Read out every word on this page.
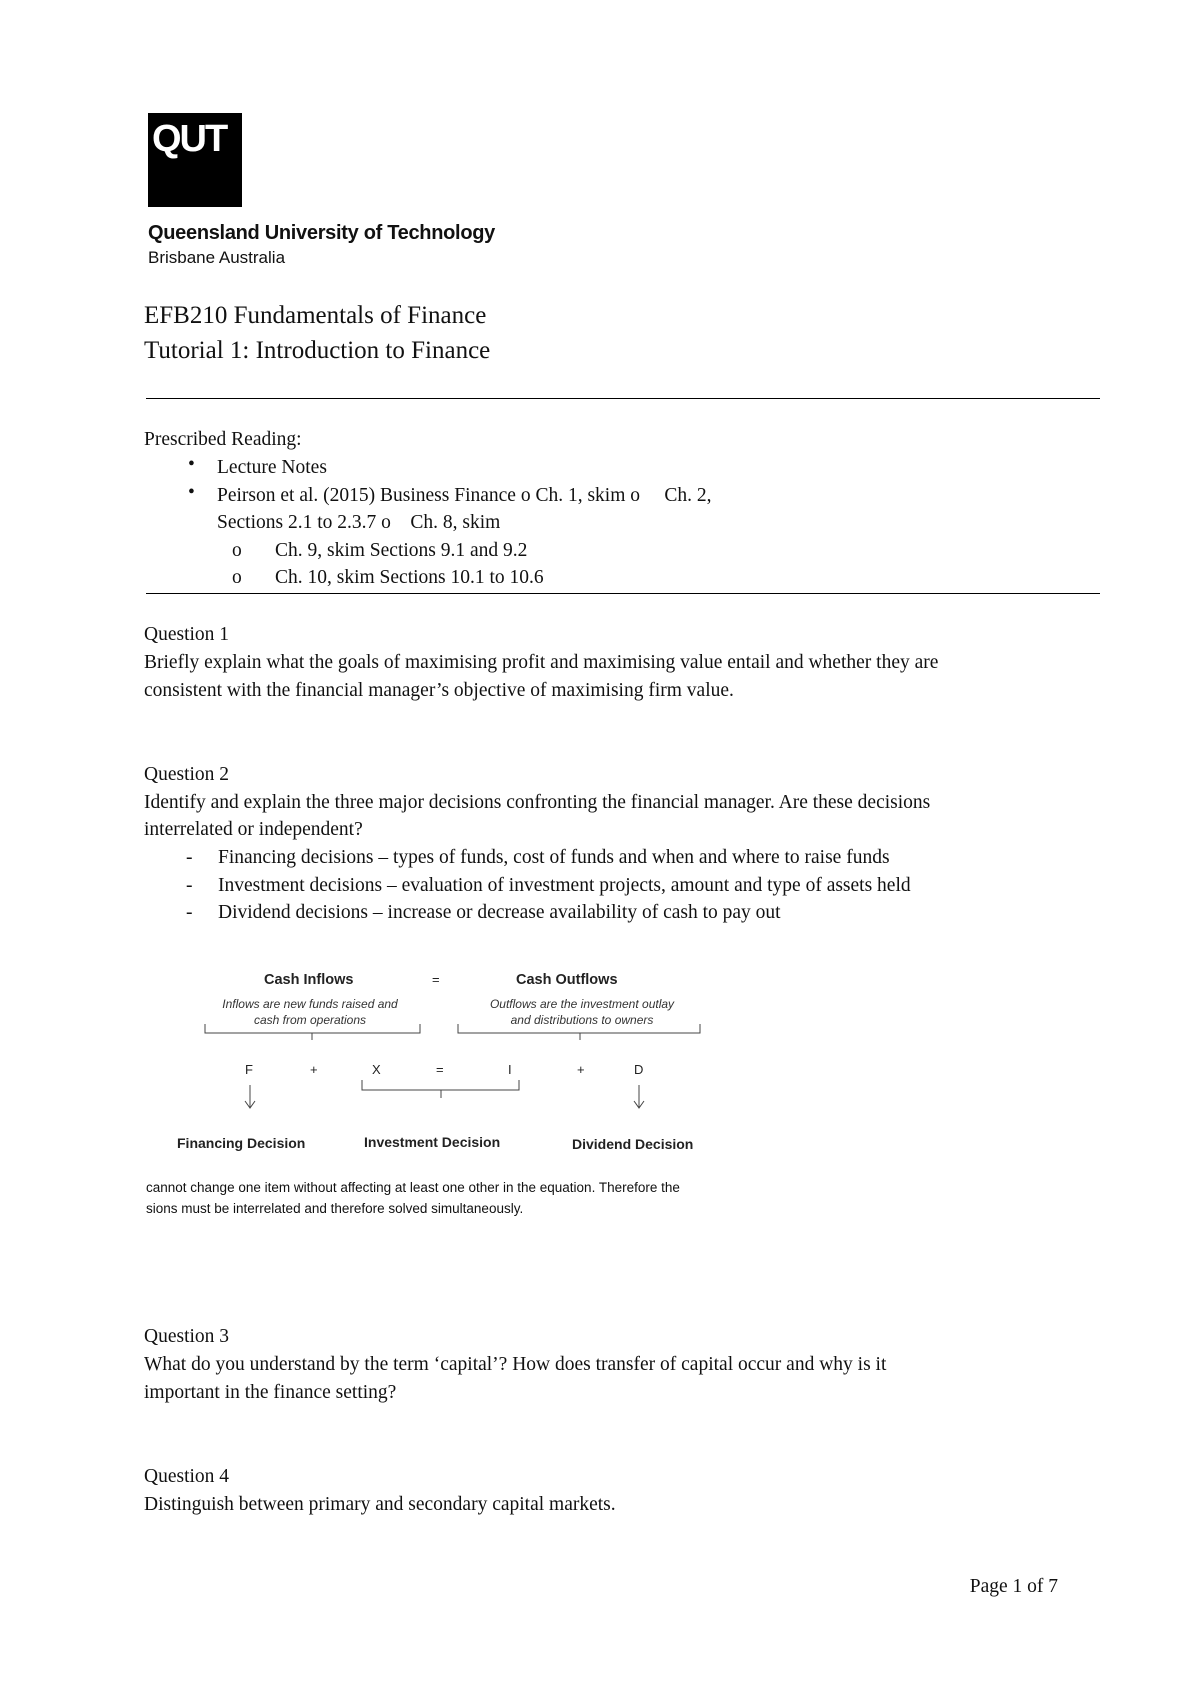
QUT
Queensland University of Technology
Brisbane Australia
EFB210 Fundamentals of Finance
Tutorial 1: Introduction to Finance
Prescribed Reading:
• Lecture Notes
• Peirson et al. (2015) Business Finance o Ch. 1, skim o     Ch. 2,
Sections 2.1 to 2.3.7 o    Ch. 8, skim
o Ch. 9, skim Sections 9.1 and 9.2
o Ch. 10, skim Sections 10.1 to 10.6
Question 1
Briefly explain what the goals of maximising profit and maximising value entail and whether they are
consistent with the financial manager’s objective of maximising firm value.
Question 2
Identify and explain the three major decisions confronting the financial manager. Are these decisions
interrelated or independent?
- Financing decisions – types of funds, cost of funds and when and where to raise funds
- Investment decisions – evaluation of investment projects, amount and type of assets held
- Dividend decisions – increase or decrease availability of cash to pay out
Cash Inflows	=	Cash Outflows
Inflows are new funds raised and
cash from operations
Outflows are the investment outlay
and distributions to owners
F	+	X	=	I	+	D
Financing Decision	Investment Decision	Dividend Decision
cannot change one item without affecting at least one other in the equation. Therefore the
sions must be interrelated and therefore solved simultaneously.
Question 3
What do you understand by the term ‘capital’? How does transfer of capital occur and why is it
important in the finance setting?
Question 4
Distinguish between primary and secondary capital markets.
Page 1 of 7
